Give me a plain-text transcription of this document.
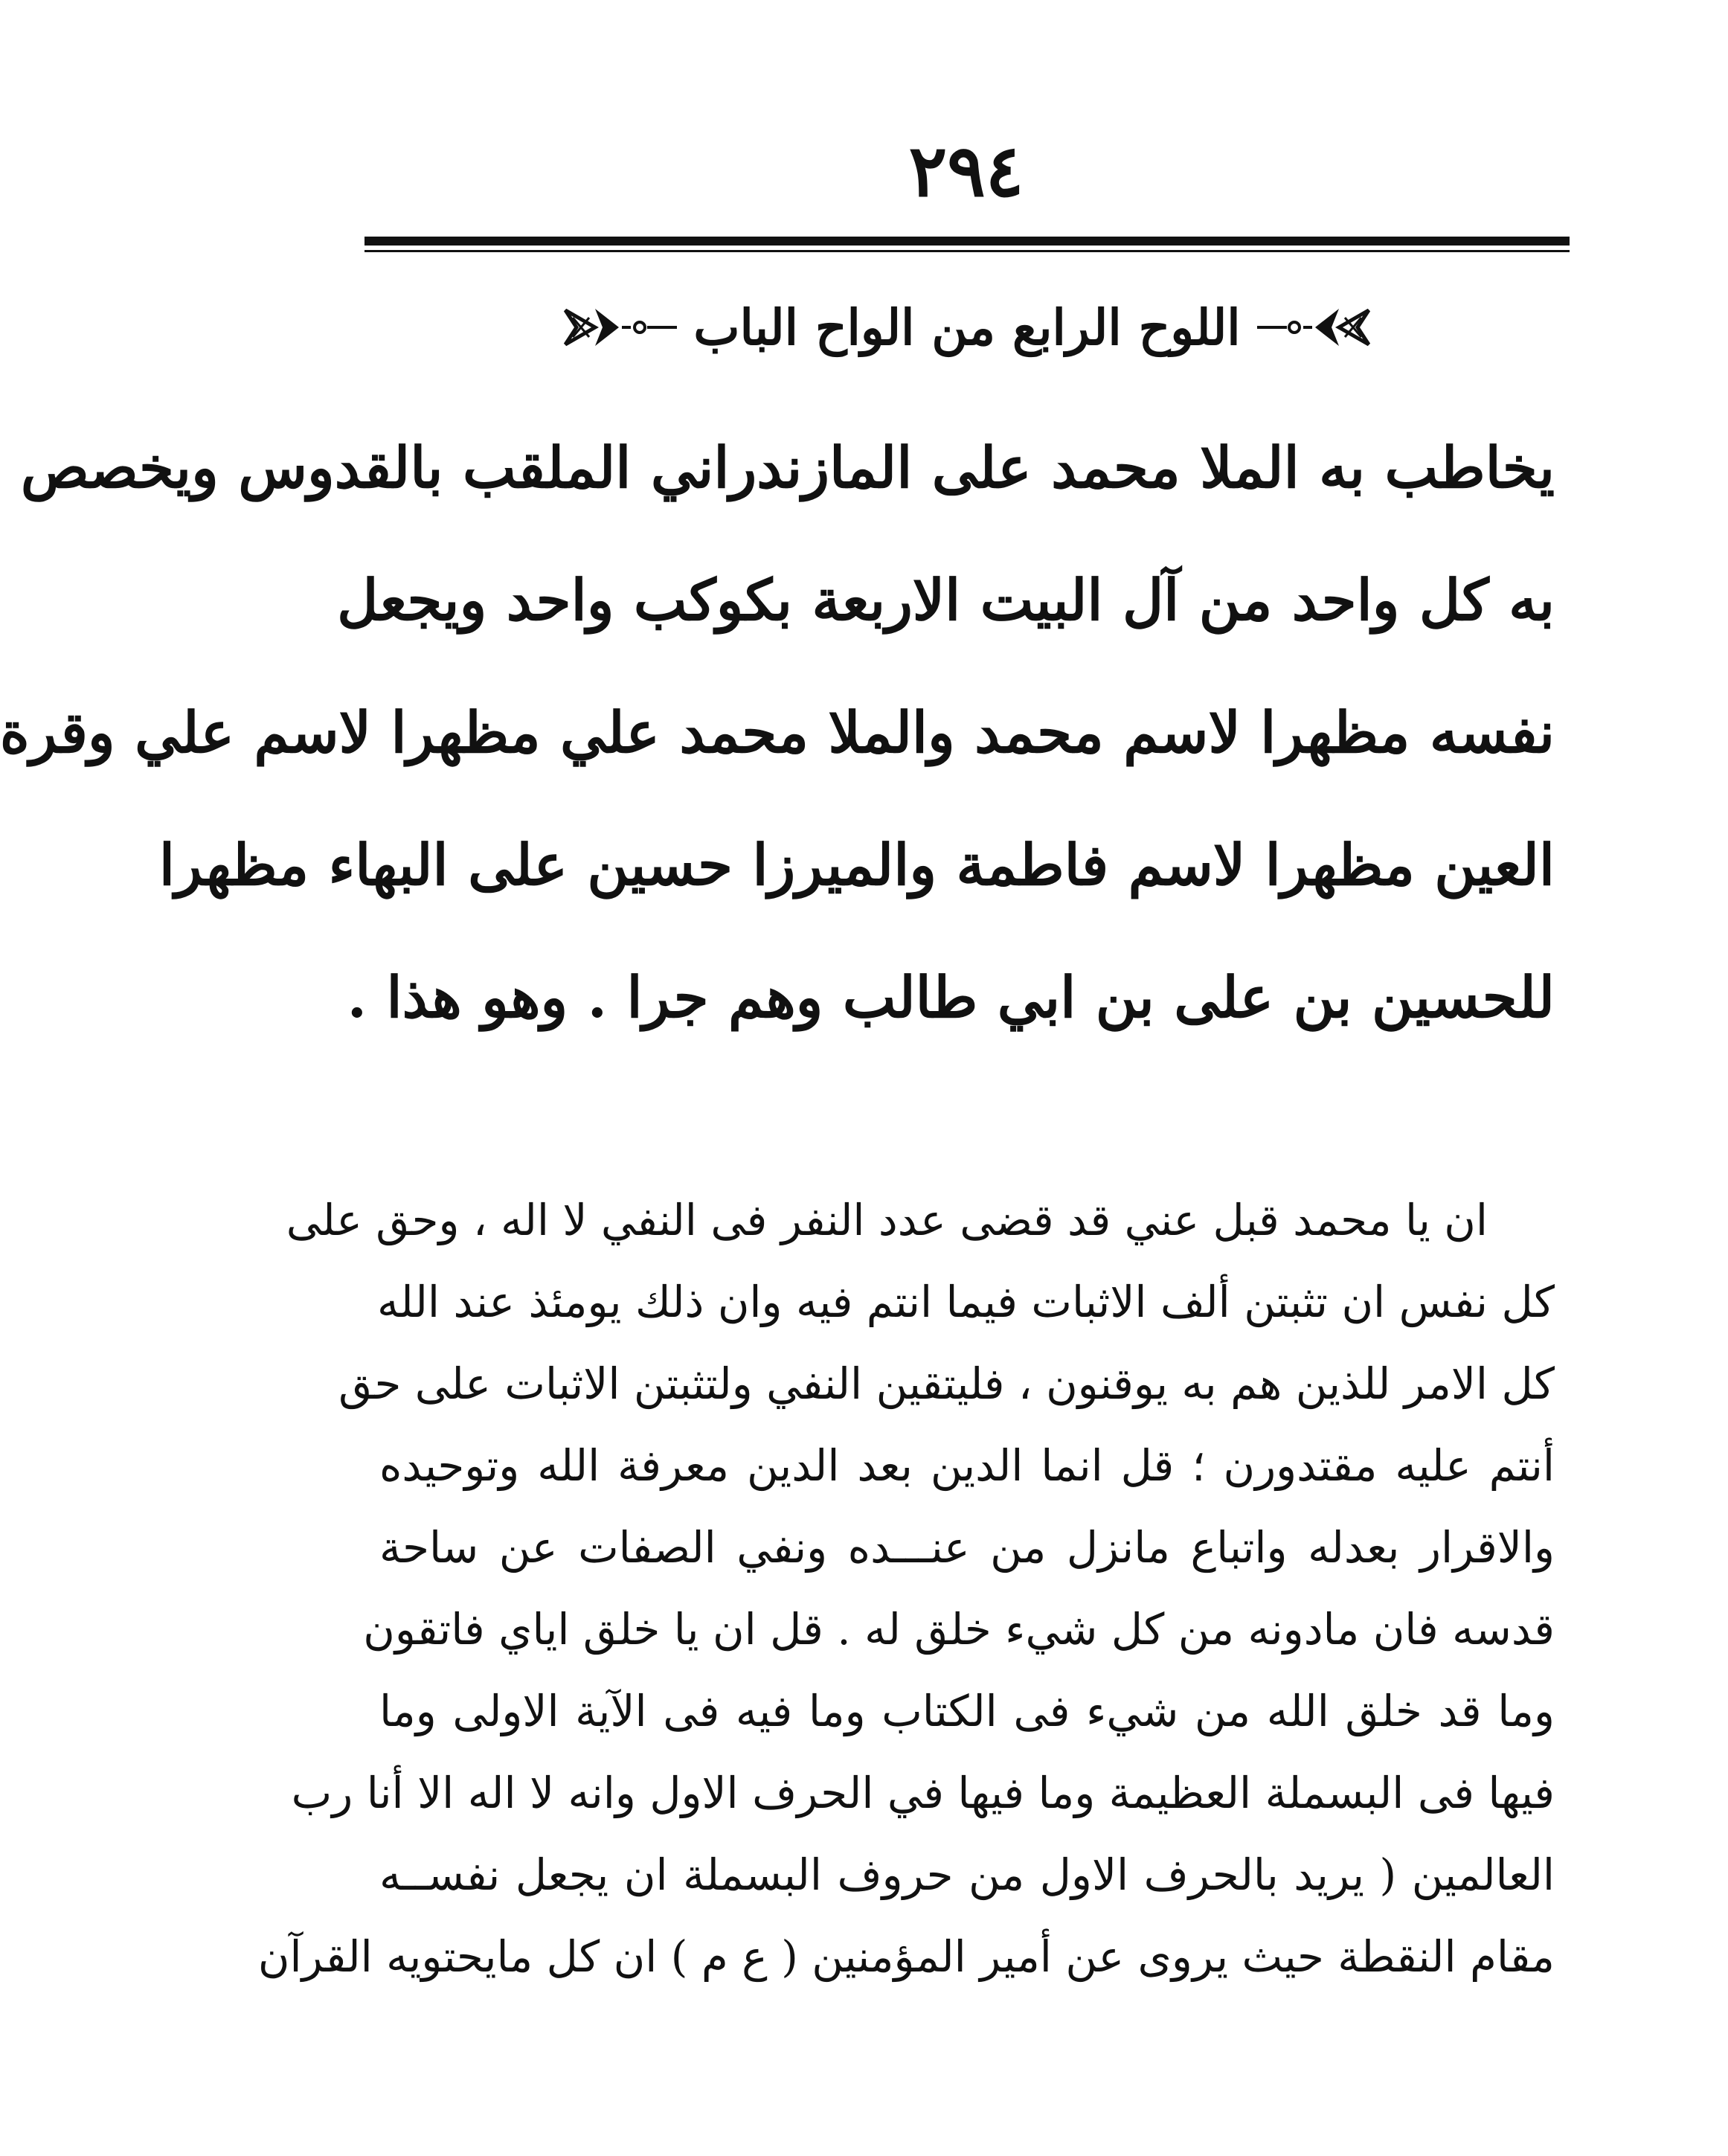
٢٩٤
اللوح الرابع من الواح الباب
يخاطب به الملا محمد على المازندراني الملقب بالقدوس ويخصص
به كل واحد من آل البيت الاربعة بكوكب واحد ويجعل
نفسه مظهرا لاسم محمد والملا محمد علي مظهرا لاسم علي وقرة
العين مظهرا لاسم فاطمة والميرزا حسين على البهاء مظهرا
للحسين بن على بن ابي طالب وهم جرا . وهو هذا .
ان يا محمد قبل عني قد قضى عدد النفر فى النفي لا اله ، وحق على
كل نفس ان تثبتن ألف الاثبات فيما انتم فيه وان ذلك يومئذ عند الله
كل الامر للذين هم به يوقنون ، فليتقين النفي ولتثبتن الاثبات على حق
أنتم عليه مقتدورن ؛ قل انما الدين بعد الدين معرفة الله وتوحيده
والاقرار بعدله واتباع مانزل من عنـــده ونفي الصفات عن ساحة
قدسه فان مادونه من كل شيء خلق له . قل ان يا خلق اياي فاتقون
وما قد خلق الله من شيء فى الكتاب وما فيه فى الآية الاولى وما
فيها فى البسملة العظيمة وما فيها في الحرف الاول وانه لا اله الا أنا رب
العالمين ( يريد بالحرف الاول من حروف البسملة ان يجعل نفســه
مقام النقطة حيث يروى عن أمير المؤمنين ( ع م ) ان كل مايحتويه القرآن
